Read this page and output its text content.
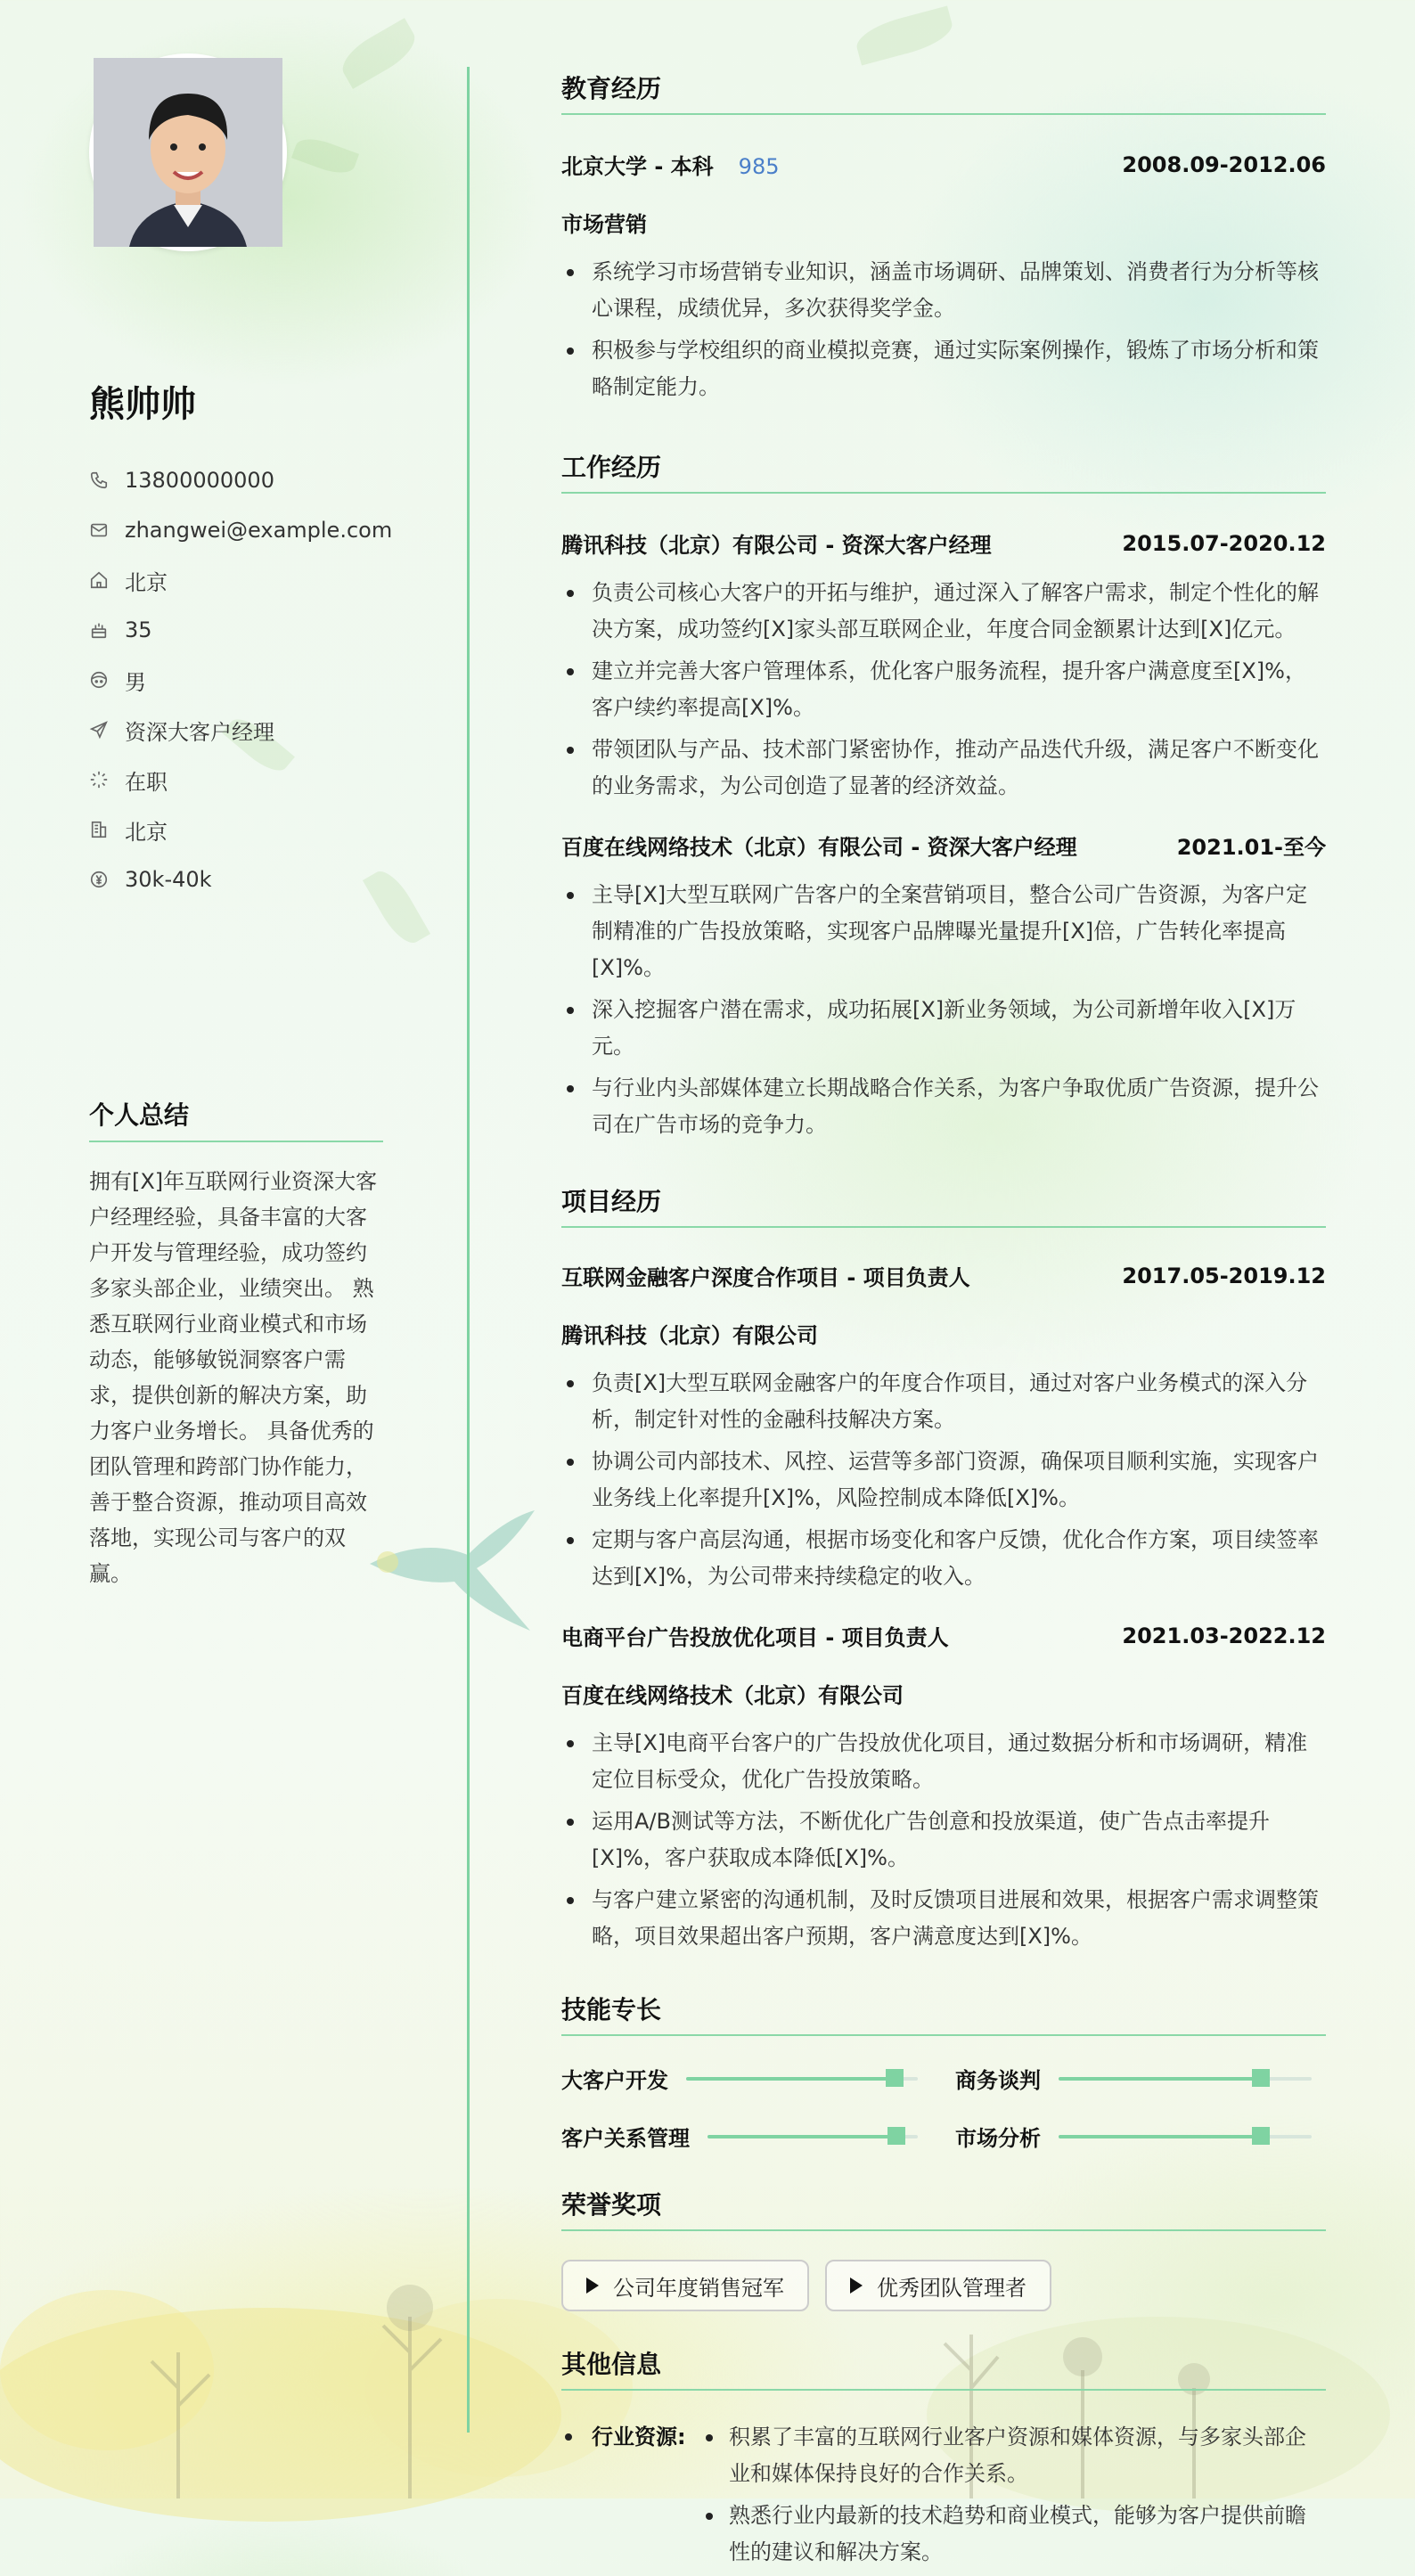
熊帅帅
13800000000
zhangwei@example.com
北京
35
男
资深大客户经理
在职
北京
30k-40k
个人总结

拥有[X]年互联网行业资深大客户经理经验，具备丰富的大客户开发与管理经验，成功签约多家头部企业，业绩突出。 熟悉互联网行业商业模式和市场动态，能够敏锐洞察客户需求，提供创新的解决方案，助力客户业务增长。 具备优秀的团队管理和跨部门协作能力，善于整合资源，推动项目高效落地，实现公司与客户的双赢。

教育经历
北京大学 - 本科 985	2008.09-2012.06
市场营销
系统学习市场营销专业知识，涵盖市场调研、品牌策划、消费者行为分析等核心课程，成绩优异，多次获得奖学金。
积极参与学校组织的商业模拟竞赛，通过实际案例操作，锻炼了市场分析和策略制定能力。
工作经历
腾讯科技（北京）有限公司 - 资深大客户经理	2015.07-2020.12
负责公司核心大客户的开拓与维护，通过深入了解客户需求，制定个性化的解决方案，成功签约[X]家头部互联网企业，年度合同金额累计达到[X]亿元。
建立并完善大客户管理体系，优化客户服务流程，提升客户满意度至[X]%，客户续约率提高[X]%。
带领团队与产品、技术部门紧密协作，推动产品迭代升级，满足客户不断变化的业务需求，为公司创造了显著的经济效益。
百度在线网络技术（北京）有限公司 - 资深大客户经理	2021.01-至今
主导[X]大型互联网广告客户的全案营销项目，整合公司广告资源，为客户定制精准的广告投放策略，实现客户品牌曝光量提升[X]倍，广告转化率提高[X]%。
深入挖掘客户潜在需求，成功拓展[X]新业务领域，为公司新增年收入[X]万元。
与行业内头部媒体建立长期战略合作关系，为客户争取优质广告资源，提升公司在广告市场的竞争力。
项目经历
互联网金融客户深度合作项目 - 项目负责人	2017.05-2019.12
腾讯科技（北京）有限公司
负责[X]大型互联网金融客户的年度合作项目，通过对客户业务模式的深入分析，制定针对性的金融科技解决方案。
协调公司内部技术、风控、运营等多部门资源，确保项目顺利实施，实现客户业务线上化率提升[X]%，风险控制成本降低[X]%。
定期与客户高层沟通，根据市场变化和客户反馈，优化合作方案，项目续签率达到[X]%，为公司带来持续稳定的收入。
电商平台广告投放优化项目 - 项目负责人	2021.03-2022.12
百度在线网络技术（北京）有限公司
主导[X]电商平台客户的广告投放优化项目，通过数据分析和市场调研，精准定位目标受众，优化广告投放策略。
运用A/B测试等方法，不断优化广告创意和投放渠道，使广告点击率提升[X]%，客户获取成本降低[X]%。
与客户建立紧密的沟通机制，及时反馈项目进展和效果，根据客户需求调整策略，项目效果超出客户预期，客户满意度达到[X]%。
技能专长
大客户开发	商务谈判
客户关系管理	市场分析
荣誉奖项
公司年度销售冠军	优秀团队管理者
其他信息
行业资源:	积累了丰富的互联网行业客户资源和媒体资源，与多家头部企业和媒体保持良好的合作关系。
熟悉行业内最新的技术趋势和商业模式，能够为客户提供前瞻性的建议和解决方案。
